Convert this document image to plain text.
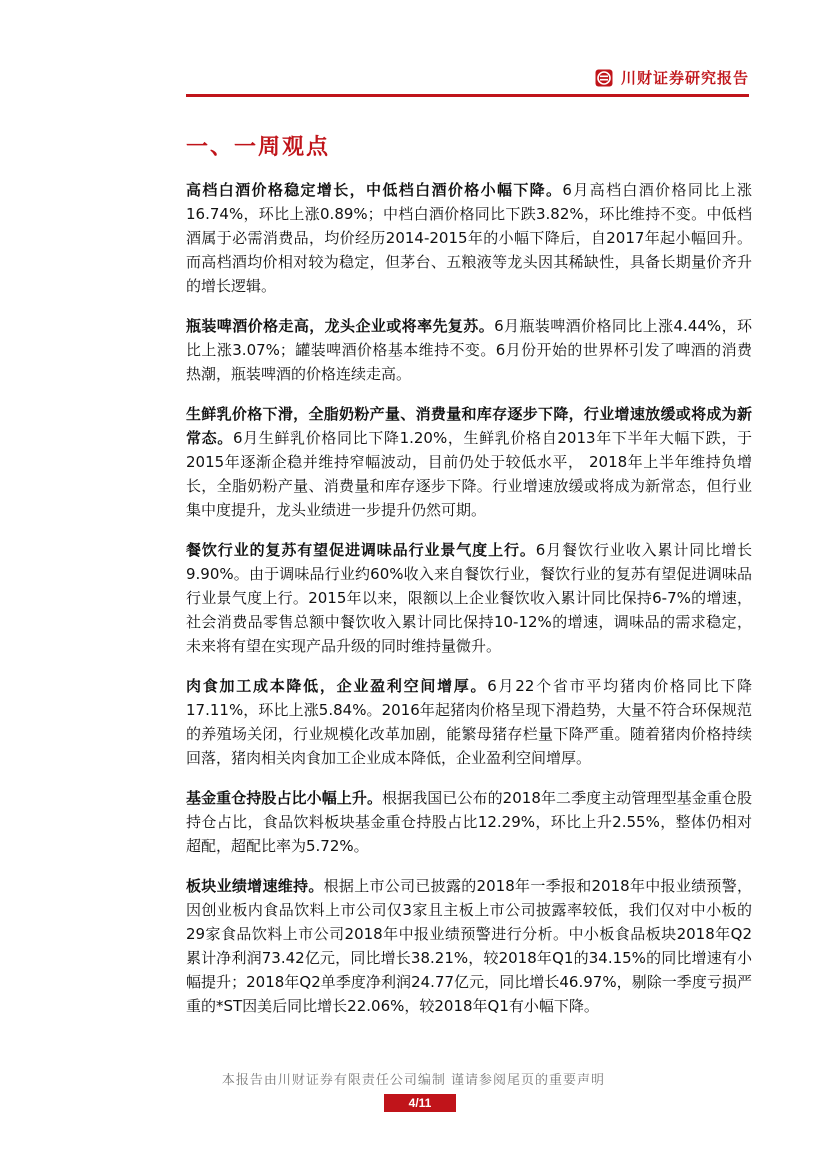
川财证券研究报告
一、一周观点

高档白酒价格稳定增长，中低档白酒价格小幅下降。6月高档白酒价格同比上涨16.74%，环比上涨0.89%；中档白酒价格同比下跌3.82%，环比维持不变。中低档酒属于必需消费品，均价经历2014-2015年的小幅下降后，自2017年起小幅回升。而高档酒均价相对较为稳定，但茅台、五粮液等龙头因其稀缺性，具备长期量价齐升的增长逻辑。

瓶装啤酒价格走高，龙头企业或将率先复苏。6月瓶装啤酒价格同比上涨4.44%，环比上涨3.07%；罐装啤酒价格基本维持不变。6月份开始的世界杯引发了啤酒的消费热潮，瓶装啤酒的价格连续走高。

生鲜乳价格下滑，全脂奶粉产量、消费量和库存逐步下降，行业增速放缓或将成为新常态。6月生鲜乳价格同比下降1.20%，生鲜乳价格自2013年下半年大幅下跌，于2015年逐渐企稳并维持窄幅波动，目前仍处于较低水平， 2018年上半年维持负增长，全脂奶粉产量、消费量和库存逐步下降。行业增速放缓或将成为新常态，但行业集中度提升，龙头业绩进一步提升仍然可期。

餐饮行业的复苏有望促进调味品行业景气度上行。6月餐饮行业收入累计同比增长9.90%。由于调味品行业约60%收入来自餐饮行业，餐饮行业的复苏有望促进调味品行业景气度上行。2015年以来，限额以上企业餐饮收入累计同比保持6-7%的增速，社会消费品零售总额中餐饮收入累计同比保持10-12%的增速，调味品的需求稳定，未来将有望在实现产品升级的同时维持量微升。

肉食加工成本降低，企业盈利空间增厚。6月22个省市平均猪肉价格同比下降17.11%，环比上涨5.84%。2016年起猪肉价格呈现下滑趋势，大量不符合环保规范的养殖场关闭，行业规模化改革加剧，能繁母猪存栏量下降严重。随着猪肉价格持续回落，猪肉相关肉食加工企业成本降低，企业盈利空间增厚。

基金重仓持股占比小幅上升。根据我国已公布的2018年二季度主动管理型基金重仓股持仓占比，食品饮料板块基金重仓持股占比12.29%，环比上升2.55%，整体仍相对超配，超配比率为5.72%。

板块业绩增速维持。根据上市公司已披露的2018年一季报和2018年中报业绩预警，因创业板内食品饮料上市公司仅3家且主板上市公司披露率较低，我们仅对中小板的29家食品饮料上市公司2018年中报业绩预警进行分析。中小板食品板块2018年Q2累计净利润73.42亿元，同比增长38.21%，较2018年Q1的34.15%的同比增速有小幅提升；2018年Q2单季度净利润24.77亿元，同比增长46.97%，剔除一季度亏损严重的*ST因美后同比增长22.06%，较2018年Q1有小幅下降。

本报告由川财证券有限责任公司编制 谨请参阅尾页的重要声明
4/11
